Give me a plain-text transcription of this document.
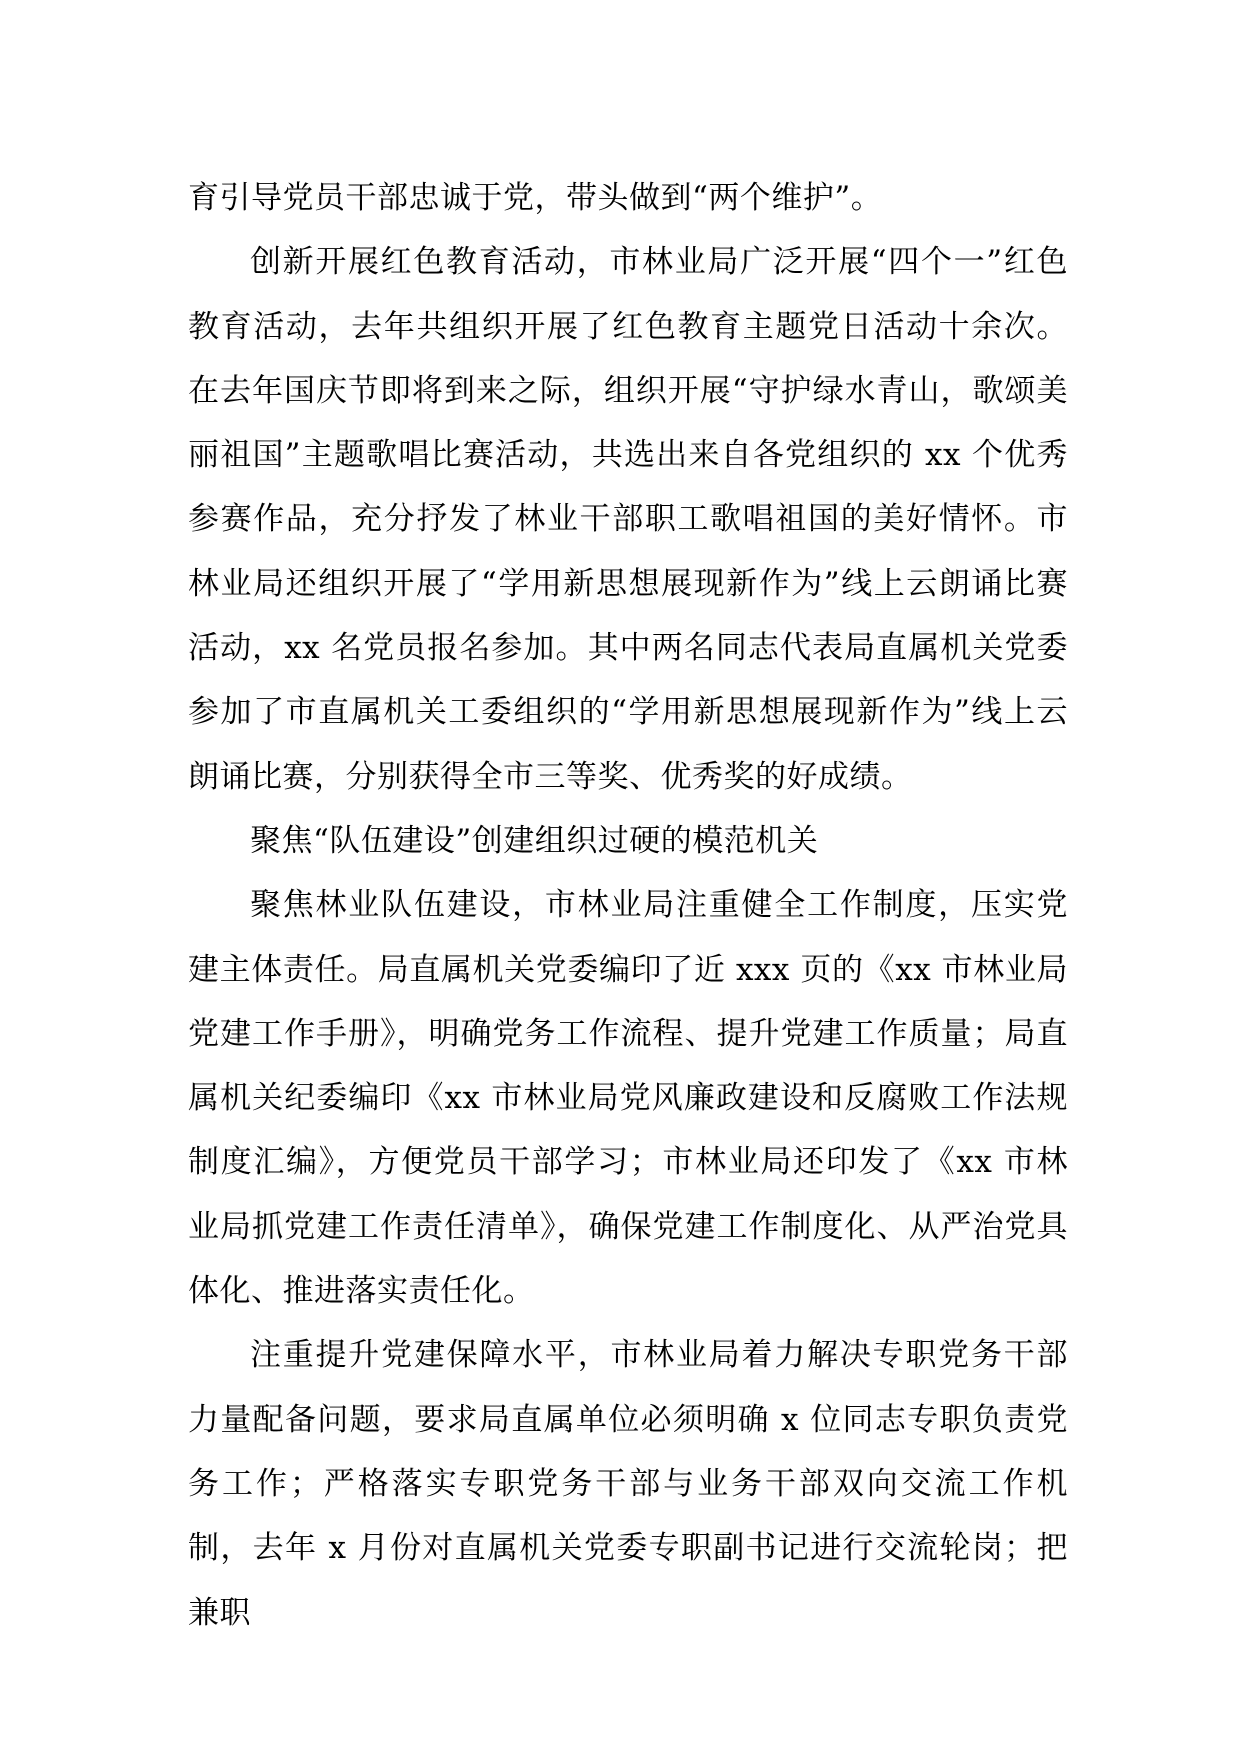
育引导党员干部忠诚于党，带头做到“两个维护”。

创新开展红色教育活动，市林业局广泛开展“四个一”红色教育活动，去年共组织开展了红色教育主题党日活动十余次。在去年国庆节即将到来之际，组织开展“守护绿水青山，歌颂美丽祖国”主题歌唱比赛活动，共选出来自各党组织的 xx 个优秀参赛作品，充分抒发了林业干部职工歌唱祖国的美好情怀。市林业局还组织开展了“学用新思想展现新作为”线上云朗诵比赛活动，xx 名党员报名参加。其中两名同志代表局直属机关党委参加了市直属机关工委组织的“学用新思想展现新作为”线上云朗诵比赛，分别获得全市三等奖、优秀奖的好成绩。

聚焦“队伍建设”创建组织过硬的模范机关

聚焦林业队伍建设，市林业局注重健全工作制度，压实党建主体责任。局直属机关党委编印了近 xxx 页的《xx 市林业局党建工作手册》，明确党务工作流程、提升党建工作质量；局直属机关纪委编印《xx 市林业局党风廉政建设和反腐败工作法规制度汇编》，方便党员干部学习；市林业局还印发了《xx 市林业局抓党建工作责任清单》，确保党建工作制度化、从严治党具体化、推进落实责任化。

注重提升党建保障水平，市林业局着力解决专职党务干部力量配备问题，要求局直属单位必须明确 x 位同志专职负责党务工作；严格落实专职党务干部与业务干部双向交流工作机制，去年 x 月份对直属机关党委专职副书记进行交流轮岗；把兼职
